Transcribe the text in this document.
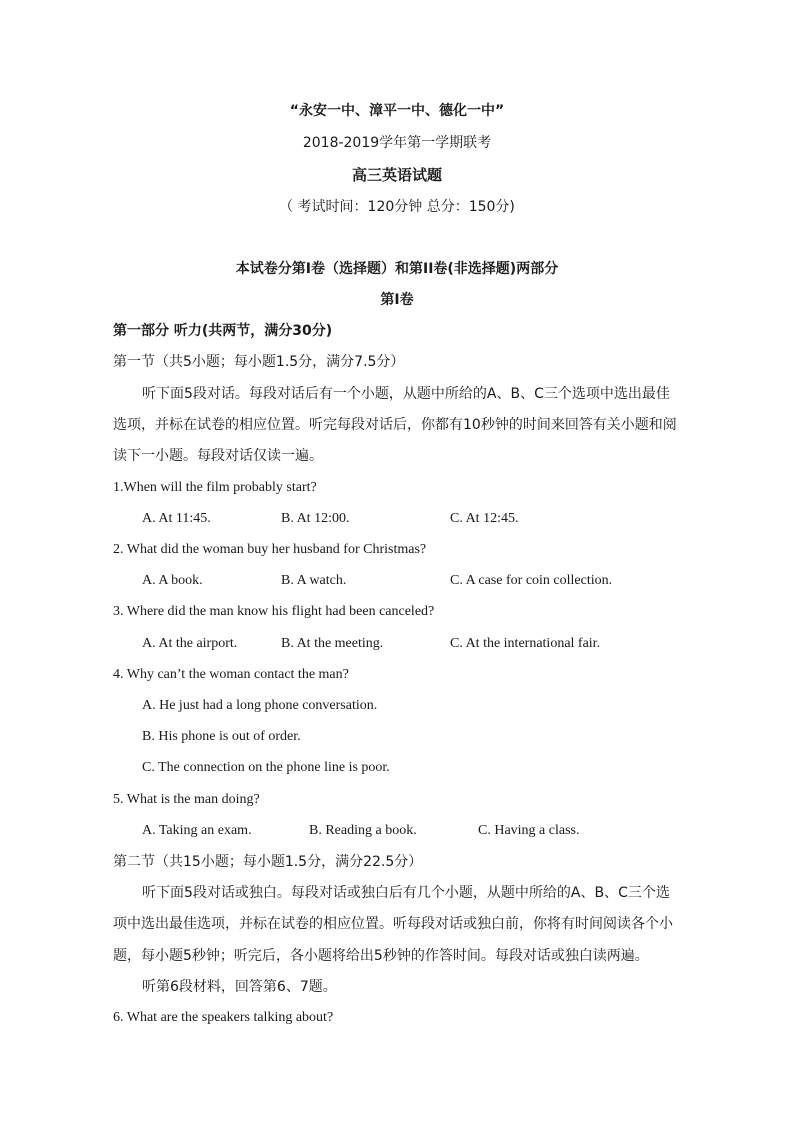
“永安一中、漳平一中、德化一中”
2018-2019学年第一学期联考
高三英语试题
（ 考试时间：120分钟 总分：150分)
本试卷分第I卷（选择题）和第II卷(非选择题)两部分
第I卷
第一部分 听力(共两节，满分30分)
第一节（共5小题；每小题1.5分，满分7.5分）
听下面5段对话。每段对话后有一个小题，从题中所给的A、B、C三个选项中选出最佳
选项，并标在试卷的相应位置。听完每段对话后，你都有10秒钟的时间来回答有关小题和阅
读下一小题。每段对话仅读一遍。
1.When will the film probably start?
A. At 11:45.	B. At 12:00.	C. At 12:45.
2. What did the woman buy her husband for Christmas?
A. A book.	B. A watch.	C. A case for coin collection.
3. Where did the man know his flight had been canceled?
A. At the airport.	B. At the meeting.	C. At the international fair.
4. Why can’t the woman contact the man?
A. He just had a long phone conversation.
B. His phone is out of order.
C. The connection on the phone line is poor.
5. What is the man doing?
A. Taking an exam.	B. Reading a book.	C. Having a class.
第二节（共15小题；每小题1.5分，满分22.5分）
听下面5段对话或独白。每段对话或独白后有几个小题，从题中所给的A、B、C三个选
项中选出最佳选项，并标在试卷的相应位置。听每段对话或独白前，你将有时间阅读各个小
题，每小题5秒钟；听完后，各小题将给出5秒钟的作答时间。每段对话或独白读两遍。
听第6段材料，回答第6、7题。
6. What are the speakers talking about?
